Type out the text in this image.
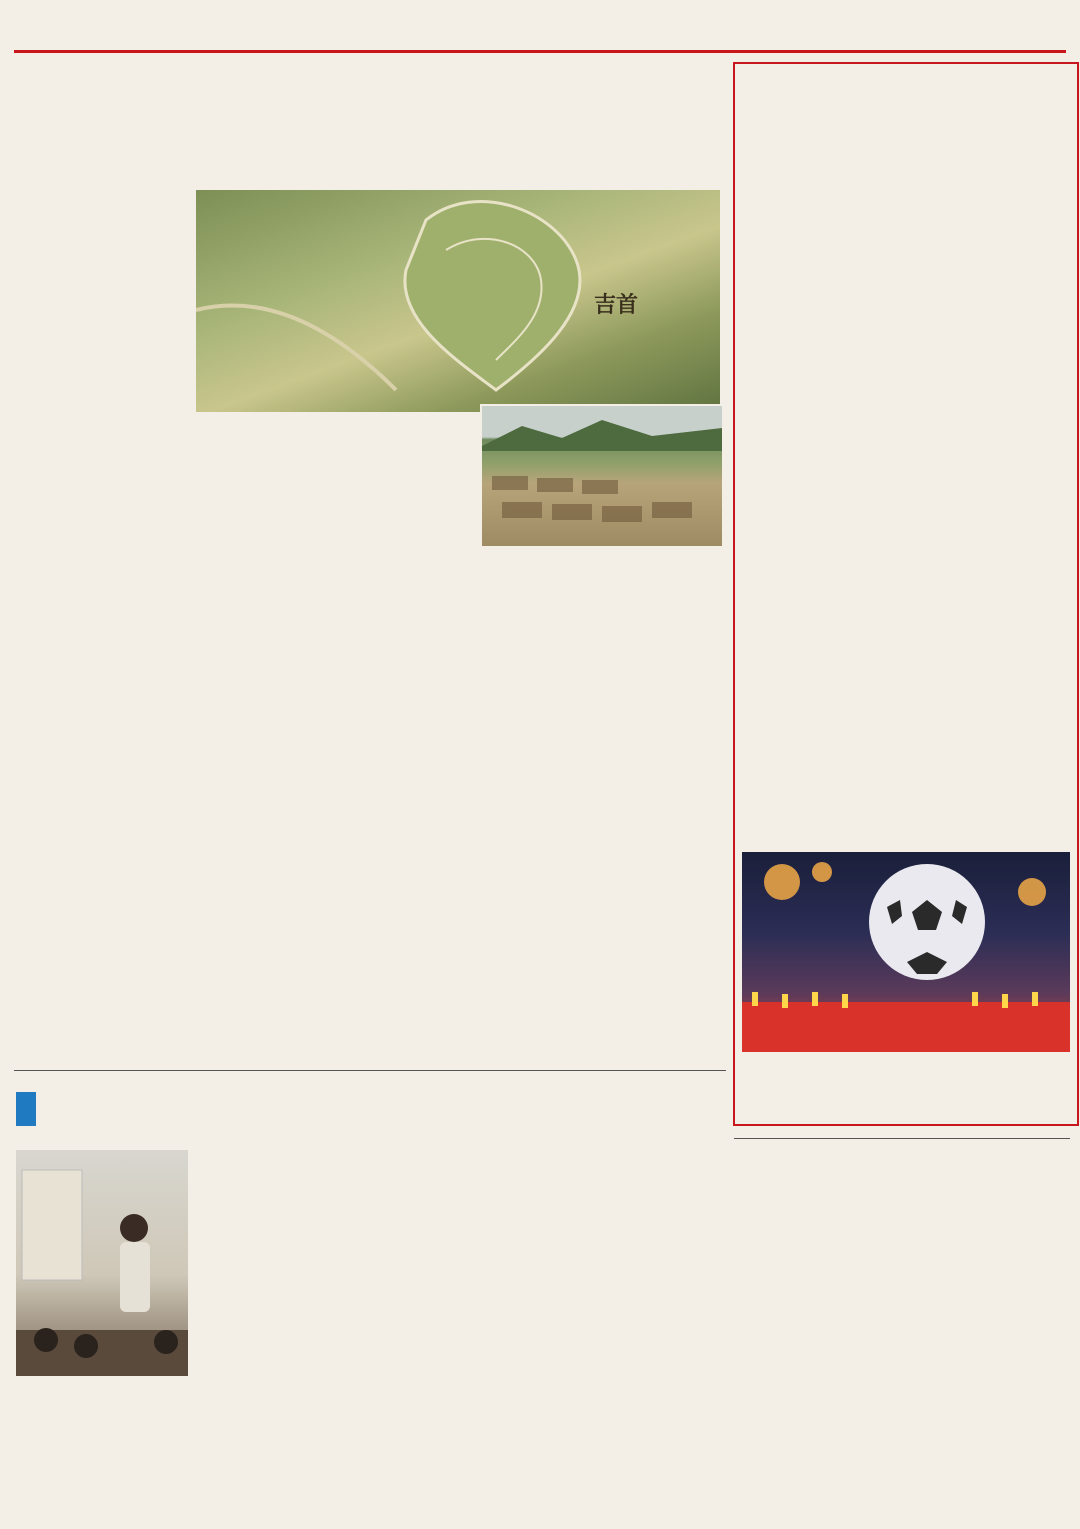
吉首
